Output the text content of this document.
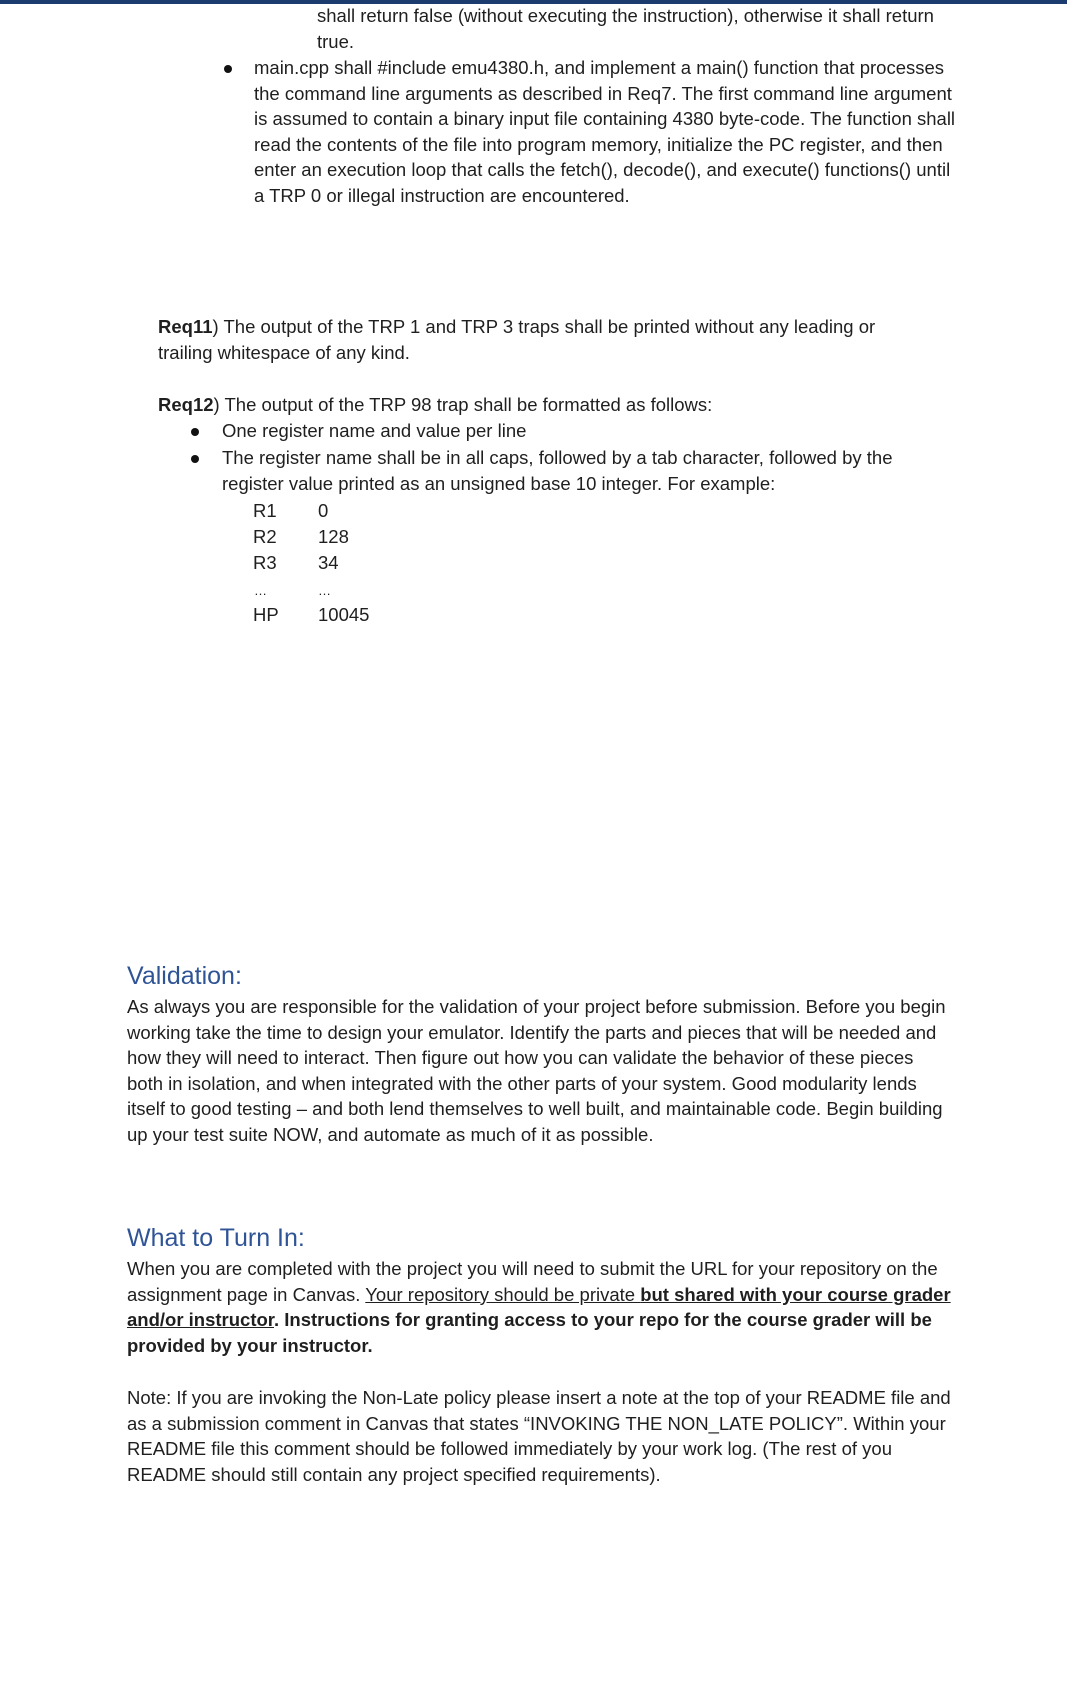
shall return false (without executing the instruction), otherwise it shall return true.
main.cpp shall #include emu4380.h, and implement a main() function that processes the command line arguments as described in Req7. The first command line argument is assumed to contain a binary input file containing 4380 byte-code. The function shall read the contents of the file into program memory, initialize the PC register, and then enter an execution loop that calls the fetch(), decode(), and execute() functions() until a TRP 0 or illegal instruction are encountered.
Req11) The output of the TRP 1 and TRP 3 traps shall be printed without any leading or trailing whitespace of any kind.
Req12) The output of the TRP 98 trap shall be formatted as follows:
One register name and value per line
The register name shall be in all caps, followed by a tab character, followed by the register value printed as an unsigned base 10 integer. For example:
R1 0
R2 128
R3 34
…	…
HP 10045
Validation:
As always you are responsible for the validation of your project before submission. Before you begin working take the time to design your emulator. Identify the parts and pieces that will be needed and how they will need to interact. Then figure out how you can validate the behavior of these pieces both in isolation, and when integrated with the other parts of your system. Good modularity lends itself to good testing – and both lend themselves to well built, and maintainable code. Begin building up your test suite NOW, and automate as much of it as possible.
What to Turn In:
When you are completed with the project you will need to submit the URL for your repository on the assignment page in Canvas. Your repository should be private but shared with your course grader and/or instructor. Instructions for granting access to your repo for the course grader will be provided by your instructor.
Note: If you are invoking the Non-Late policy please insert a note at the top of your README file and as a submission comment in Canvas that states “INVOKING THE NON_LATE POLICY”. Within your README file this comment should be followed immediately by your work log. (The rest of you README should still contain any project specified requirements).
